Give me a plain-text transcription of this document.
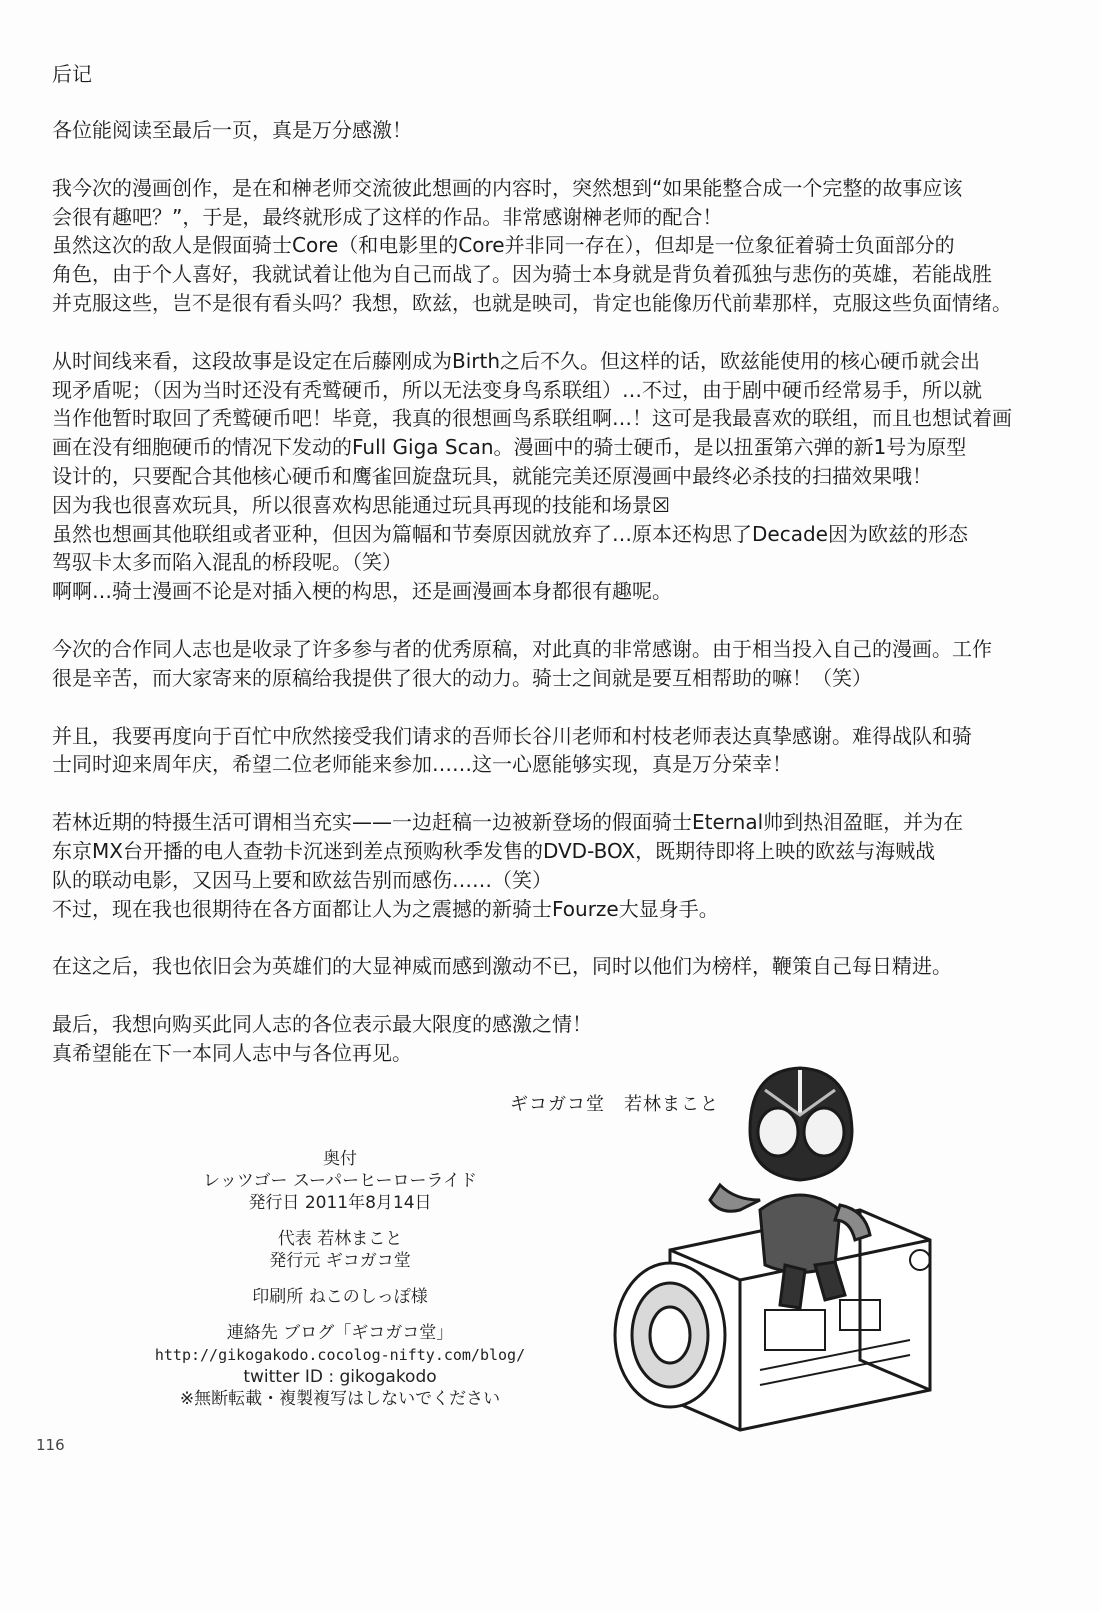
后记

各位能阅读至最后一页，真是万分感激！

我今次的漫画创作，是在和榊老师交流彼此想画的内容时，突然想到“如果能整合成一个完整的故事应该
会很有趣吧？”，于是，最终就形成了这样的作品。非常感谢榊老师的配合！
虽然这次的敌人是假面骑士Core（和电影里的Core并非同一存在），但却是一位象征着骑士负面部分的
角色，由于个人喜好，我就试着让他为自己而战了。因为骑士本身就是背负着孤独与悲伤的英雄，若能战胜
并克服这些，岂不是很有看头吗？我想，欧兹，也就是映司，肯定也能像历代前辈那样，克服这些负面情绪。

从时间线来看，这段故事是设定在后藤刚成为Birth之后不久。但这样的话，欧兹能使用的核心硬币就会出
现矛盾呢；（因为当时还没有秃鹫硬币，所以无法变身鸟系联组）…不过，由于剧中硬币经常易手，所以就
当作他暂时取回了秃鹫硬币吧！毕竟，我真的很想画鸟系联组啊…！这可是我最喜欢的联组，而且也想试着画
画在没有细胞硬币的情况下发动的Full Giga Scan。漫画中的骑士硬币，是以扭蛋第六弹的新1号为原型
设计的，只要配合其他核心硬币和鹰雀回旋盘玩具，就能完美还原漫画中最终必杀技的扫描效果哦！
因为我也很喜欢玩具，所以很喜欢构思能通过玩具再现的技能和场景☒
虽然也想画其他联组或者亚种，但因为篇幅和节奏原因就放弃了…原本还构思了Decade因为欧兹的形态
驾驭卡太多而陷入混乱的桥段呢。（笑）
啊啊…骑士漫画不论是对插入梗的构思，还是画漫画本身都很有趣呢。

今次的合作同人志也是收录了许多参与者的优秀原稿，对此真的非常感谢。由于相当投入自己的漫画。工作
很是辛苦，而大家寄来的原稿给我提供了很大的动力。骑士之间就是要互相帮助的嘛！（笑）

并且，我要再度向于百忙中欣然接受我们请求的吾师长谷川老师和村枝老师表达真挚感谢。难得战队和骑
士同时迎来周年庆，希望二位老师能来参加……这一心愿能够实现，真是万分荣幸！

若林近期的特摄生活可谓相当充实——一边赶稿一边被新登场的假面骑士Eternal帅到热泪盈眶，并为在
东京MX台开播的电人查勃卡沉迷到差点预购秋季发售的DVD-BOX，既期待即将上映的欧兹与海贼战
队的联动电影，又因马上要和欧兹告别而感伤……（笑）
不过，现在我也很期待在各方面都让人为之震撼的新骑士Fourze大显身手。

在这之后，我也依旧会为英雄们的大显神威而感到激动不已，同时以他们为榜样，鞭策自己每日精进。

最后，我想向购买此同人志的各位表示最大限度的感激之情！
真希望能在下一本同人志中与各位再见。

ギコガコ堂　若林まこと
奥付
レッツゴー スーパーヒーローライド
発行日 2011年8月14日
代表 若林まこと
発行元 ギコガコ堂
印刷所 ねこのしっぽ様
連絡先 ブログ「ギコガコ堂」
http://gikogakodo.cocolog-nifty.com/blog/
twitter ID : gikogakodo
※無断転載・複製複写はしないでください
116
